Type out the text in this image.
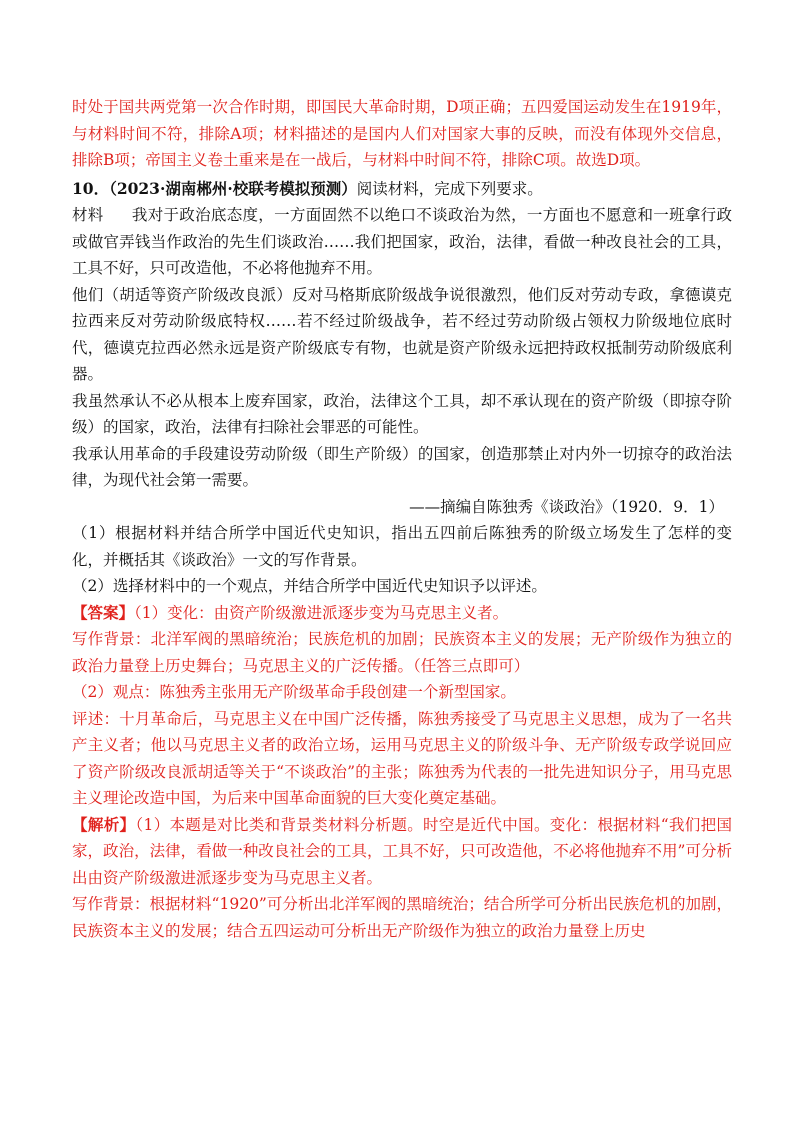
时处于国共两党第一次合作时期，即国民大革命时期，D项正确；五四爱国运动发生在1919年，与材料时间不符，排除A项；材料描述的是国内人们对国家大事的反映，而没有体现外交信息，排除B项；帝国主义卷土重来是在一战后，与材料中时间不符，排除C项。故选D项。

10．（2023·湖南郴州·校联考模拟预测）阅读材料，完成下列要求。

材料 我对于政治底态度，一方面固然不以绝口不谈政治为然，一方面也不愿意和一班拿行政或做官弄钱当作政治的先生们谈政治……我们把国家，政治，法律，看做一种改良社会的工具，工具不好，只可改造他，不必将他抛弃不用。

他们（胡适等资产阶级改良派）反对马格斯底阶级战争说很激烈，他们反对劳动专政，拿德谟克拉西来反对劳动阶级底特权……若不经过阶级战争，若不经过劳动阶级占领权力阶级地位底时代，德谟克拉西必然永远是资产阶级底专有物，也就是资产阶级永远把持政权抵制劳动阶级底利器。

我虽然承认不必从根本上废弃国家，政治，法律这个工具，却不承认现在的资产阶级（即掠夺阶级）的国家，政治，法律有扫除社会罪恶的可能性。

我承认用革命的手段建设劳动阶级（即生产阶级）的国家，创造那禁止对内外一切掠夺的政治法律，为现代社会第一需要。

——摘编自陈独秀《谈政治》（1920．9．1）

（1）根据材料并结合所学中国近代史知识，指出五四前后陈独秀的阶级立场发生了怎样的变化，并概括其《谈政治》一文的写作背景。

（2）选择材料中的一个观点，并结合所学中国近代史知识予以评述。

【答案】（1）变化：由资产阶级激进派逐步变为马克思主义者。

写作背景：北洋军阀的黑暗统治；民族危机的加剧；民族资本主义的发展；无产阶级作为独立的政治力量登上历史舞台；马克思主义的广泛传播。（任答三点即可）

（2）观点：陈独秀主张用无产阶级革命手段创建一个新型国家。

评述：十月革命后，马克思主义在中国广泛传播，陈独秀接受了马克思主义思想，成为了一名共产主义者；他以马克思主义者的政治立场，运用马克思主义的阶级斗争、无产阶级专政学说回应了资产阶级改良派胡适等关于“不谈政治”的主张；陈独秀为代表的一批先进知识分子，用马克思主义理论改造中国，为后来中国革命面貌的巨大变化奠定基础。

【解析】（1）本题是对比类和背景类材料分析题。时空是近代中国。变化：根据材料“我们把国家，政治，法律，看做一种改良社会的工具，工具不好，只可改造他，不必将他抛弃不用”可分析出由资产阶级激进派逐步变为马克思主义者。

写作背景：根据材料“1920”可分析出北洋军阀的黑暗统治；结合所学可分析出民族危机的加剧，民族资本主义的发展；结合五四运动可分析出无产阶级作为独立的政治力量登上历史
